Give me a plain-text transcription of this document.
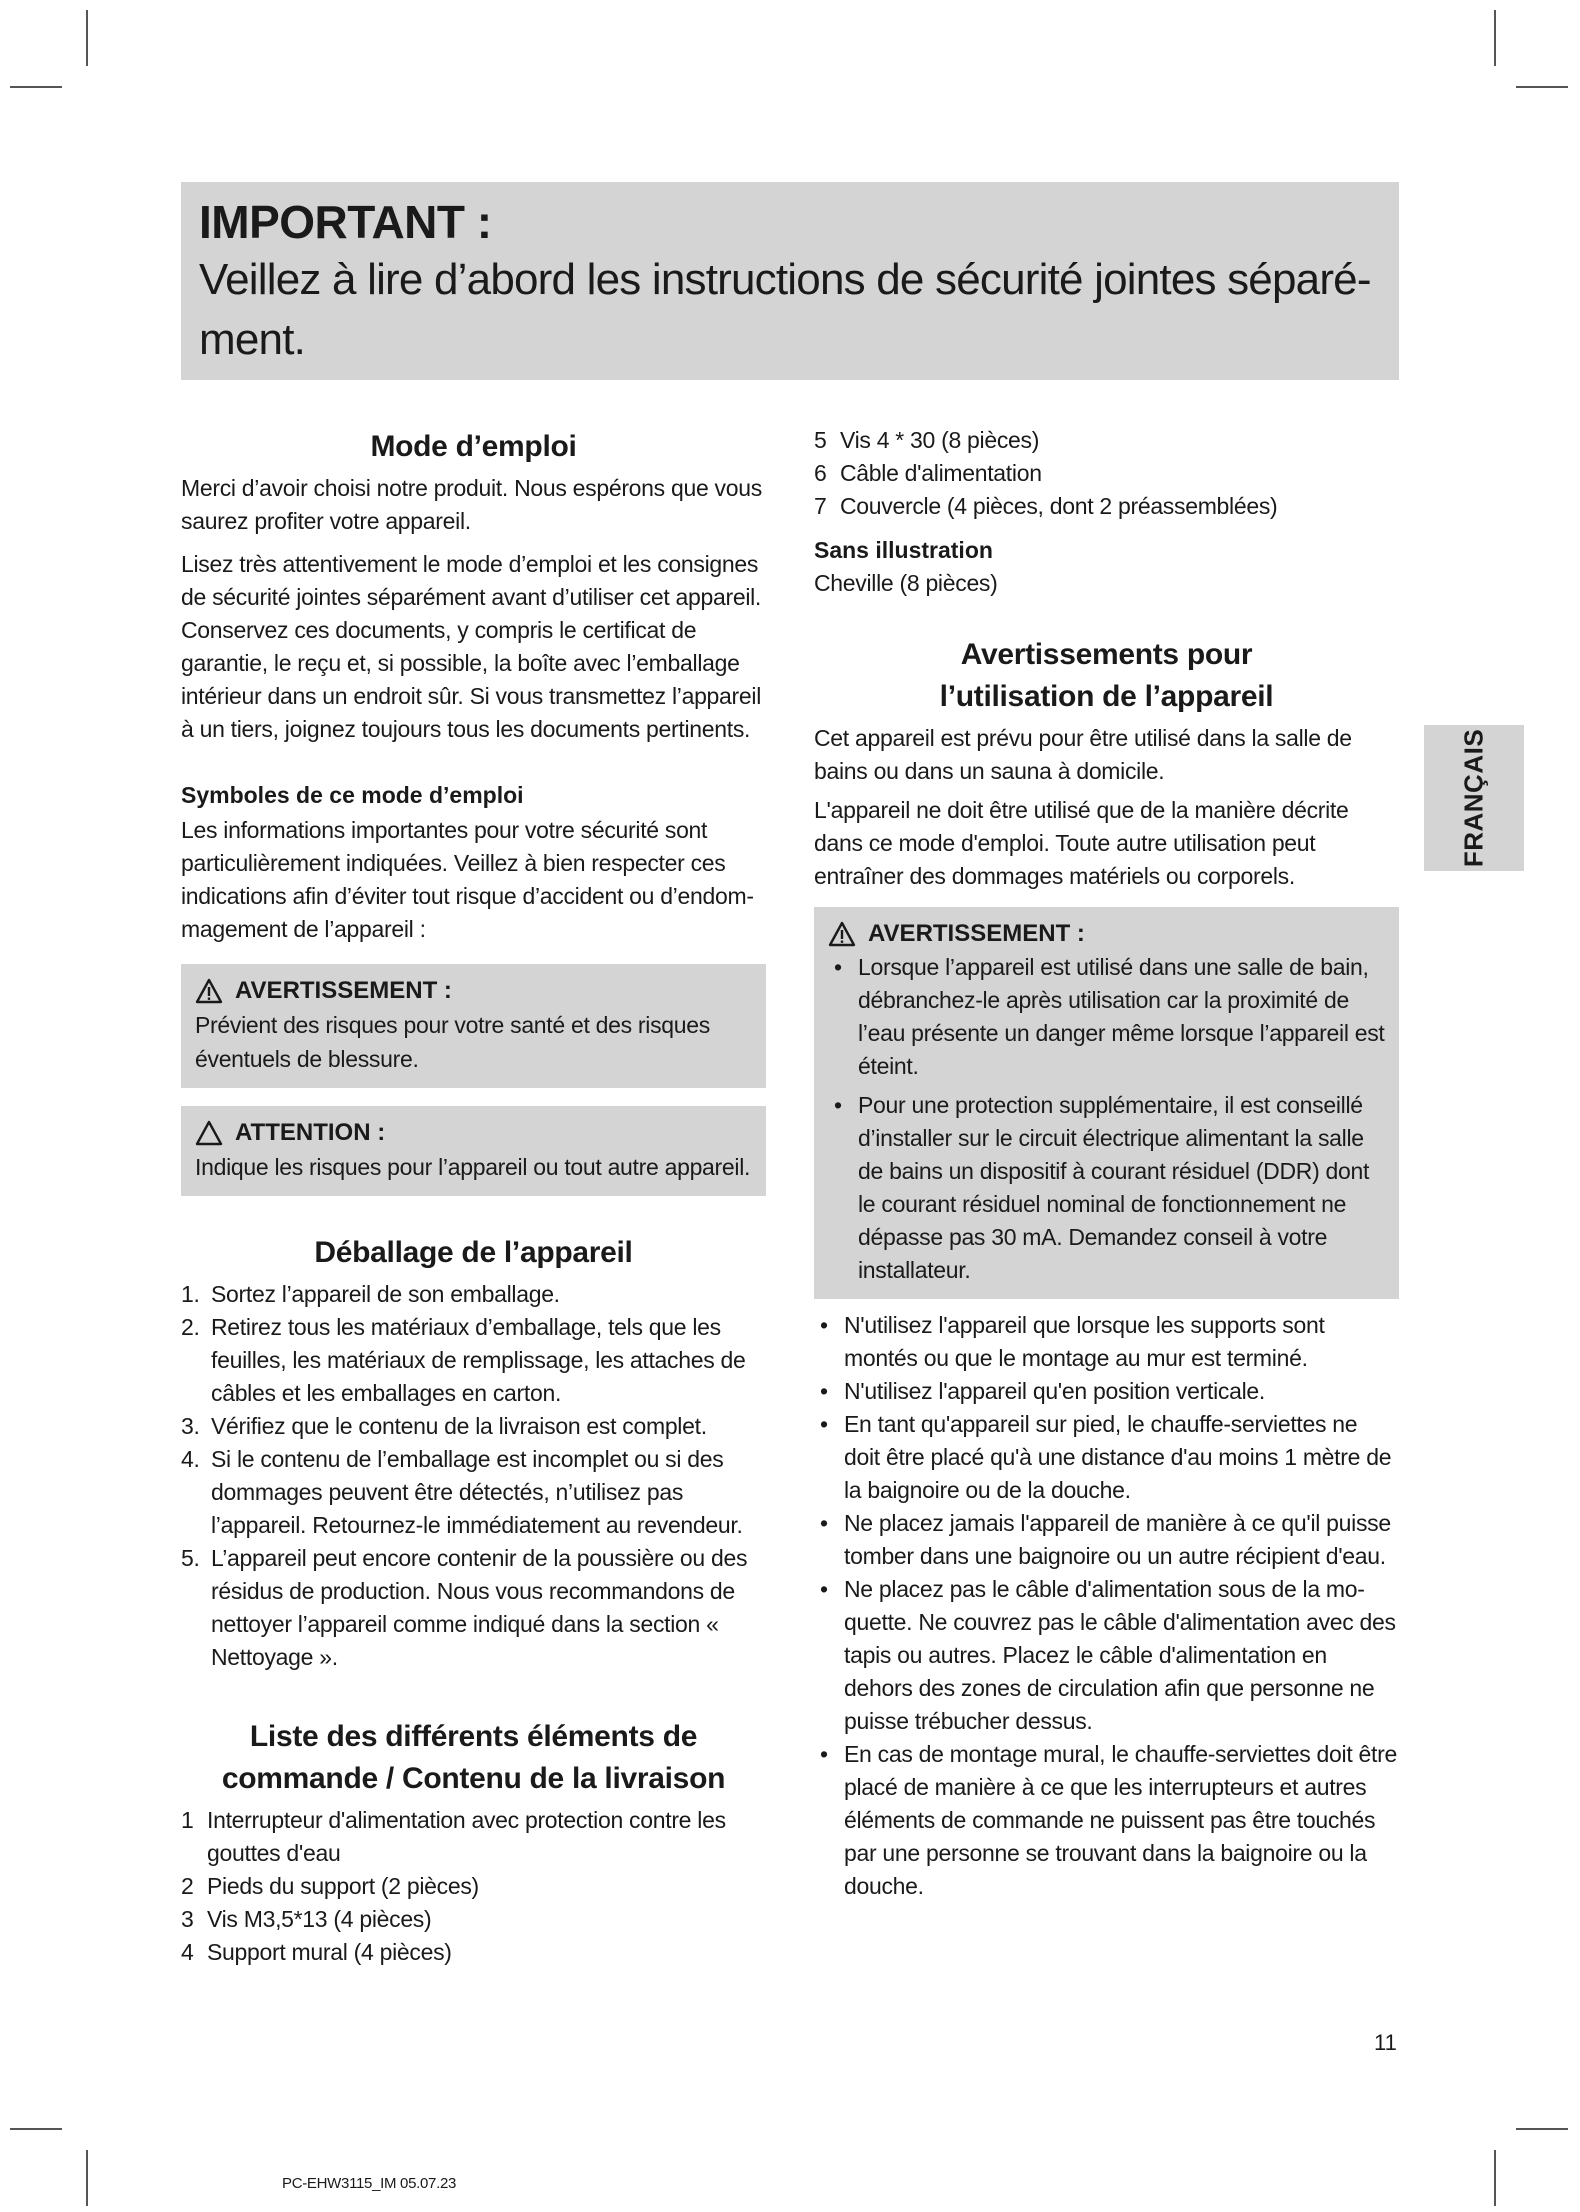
IMPORTANT :
Veillez à lire d’abord les instructions de sécurité jointes séparément.
Mode d’emploi

Merci d’avoir choisi notre produit. Nous espérons que vous saurez profiter votre appareil.

Lisez très attentivement le mode d’emploi et les consignes de sécurité jointes séparément avant d’utiliser cet appareil. Conservez ces documents, y compris le certificat de garantie, le reçu et, si possible, la boîte avec l’emballage intérieur dans un endroit sûr. Si vous transmettez l’appareil à un tiers, joignez toujours tous les documents pertinents.

Symboles de ce mode d’emploi

Les informations importantes pour votre sécurité sont particulièrement indiquées. Veillez à bien respecter ces indications afin d’éviter tout risque d’accident ou d’endommagement de l’appareil :

AVERTISSEMENT :

Prévient des risques pour votre santé et des risques éventuels de blessure.

ATTENTION :

Indique les risques pour l’appareil ou tout autre appareil.

Déballage de l’appareil
1. Sortez l’appareil de son emballage.
2. Retirez tous les matériaux d’emballage, tels que les feuilles, les matériaux de remplissage, les attaches de câbles et les emballages en carton.
3. Vérifiez que le contenu de la livraison est complet.
4. Si le contenu de l’emballage est incomplet ou si des dommages peuvent être détectés, n’utilisez pas l’appareil. Retournez-le immédiatement au revendeur.
5. L’appareil peut encore contenir de la poussière ou des résidus de production. Nous vous recommandons de nettoyer l’appareil comme indiqué dans la section « Nettoyage ».
Liste des différents éléments de
commande / Contenu de la livraison
1 Interrupteur d'alimentation avec protection contre les gouttes d'eau
2 Pieds du support (2 pièces)
3 Vis M3,5*13 (4 pièces)
4 Support mural (4 pièces)
5 Vis 4 * 30 (8 pièces)
6 Câble d'alimentation
7 Couvercle (4 pièces, dont 2 préassemblées)
Sans illustration

Cheville (8 pièces)

Avertissements pour
l’utilisation de l’appareil

Cet appareil est prévu pour être utilisé dans la salle de bains ou dans un sauna à domicile.

L'appareil ne doit être utilisé que de la manière décrite dans ce mode d'emploi. Toute autre utilisation peut entraîner des dommages matériels ou corporels.

AVERTISSEMENT :
• Lorsque l’appareil est utilisé dans une salle de bain, débranchez-le après utilisation car la proximité de l’eau présente un danger même lorsque l’appareil est éteint.
• Pour une protection supplémentaire, il est conseillé d’installer sur le circuit électrique alimentant la salle de bains un dispositif à courant résiduel (DDR) dont le courant résiduel nominal de fonctionnement ne dépasse pas 30 mA. Demandez conseil à votre installateur.
• N'utilisez l'appareil que lorsque les supports sont montés ou que le montage au mur est terminé.
• N'utilisez l'appareil qu'en position verticale.
• En tant qu'appareil sur pied, le chauffe-serviettes ne doit être placé qu'à une distance d'au moins 1 mètre de la baignoire ou de la douche.
• Ne placez jamais l'appareil de manière à ce qu'il puisse tomber dans une baignoire ou un autre récipient d'eau.
• Ne placez pas le câble d'alimentation sous de la moquette. Ne couvrez pas le câble d'alimentation avec des tapis ou autres. Placez le câble d'alimentation en dehors des zones de circulation afin que personne ne puisse trébucher dessus.
• En cas de montage mural, le chauffe-serviettes doit être placé de manière à ce que les interrupteurs et autres éléments de commande ne puissent pas être touchés par une personne se trouvant dans la baignoire ou la douche.
FRANÇAIS
11
PC-EHW3115_IM 05.07.23
